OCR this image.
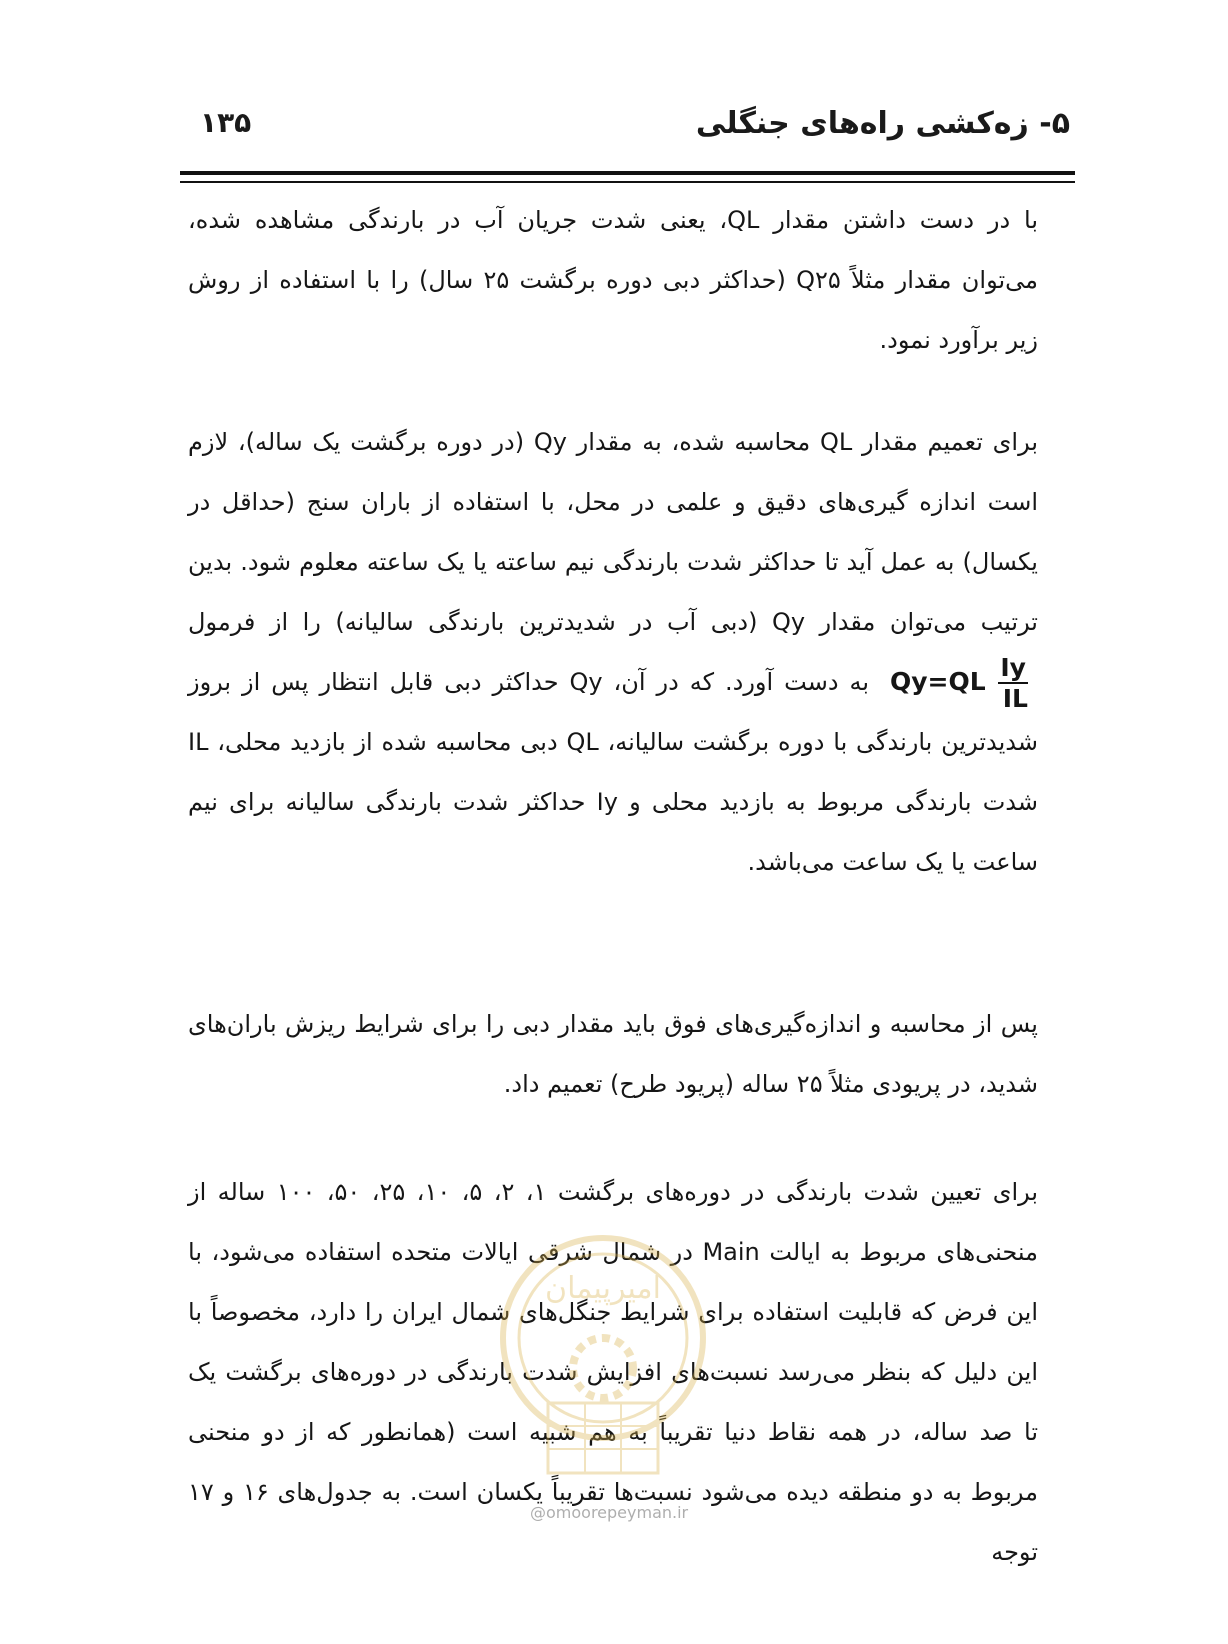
۵- زه‌کشی راه‌های جنگلی
۱۳۵

با در دست داشتن مقدار QL، یعنی شدت جریان آب در بارندگی مشاهده شده، می‌توان مقدار مثلاً Q۲۵ (حداکثر دبی دوره برگشت ۲۵ سال) را با استفاده از روش زیر برآورد نمود.

برای تعمیم مقدار QL محاسبه شده، به مقدار Qy (در دوره برگشت یک ساله)، لازم است اندازه گیری‌های دقیق و علمی در محل، با استفاده از باران سنج (حداقل در یکسال) به عمل آید تا حداکثر شدت بارندگی نیم ساعته یا یک ساعته معلوم شود. بدین ترتیب می‌توان مقدار Qy (دبی آب در شدیدترین بارندگی سالیانه) را از فرمول $Qy=QL \frac{Iy}{IL}$
به دست آورد. که در آن، Qy حداکثر دبی قابل انتظار پس از بروز شدیدترین بارندگی با دوره برگشت سالیانه، QL دبی محاسبه شده از بازدید محلی، IL شدت بارندگی مربوط به بازدید محلی و Iy حداکثر شدت بارندگی سالیانه برای نیم ساعت یا یک ساعت می‌باشد.

پس از محاسبه و اندازه‌گیری‌های فوق باید مقدار دبی را برای شرایط ریزش باران‌های شدید، در پریودی مثلاً ۲۵ ساله (پریود طرح) تعمیم داد.

برای تعیین شدت بارندگی در دوره‌های برگشت ۱، ۲، ۵، ۱۰، ۲۵، ۵۰، ۱۰۰ ساله از منحنی‌های مربوط به ایالت Main در شمال شرقی ایالات متحده استفاده می‌شود، با این فرض که قابلیت استفاده برای شرایط جنگل‌های شمال ایران را دارد، مخصوصاً با این دلیل که بنظر می‌رسد نسبت‌های افزایش شدت بارندگی در دوره‌های برگشت یک تا صد ساله، در همه نقاط دنیا تقریباً به هم شبیه است (همانطور که از دو منحنی مربوط به دو منطقه دیده می‌شود نسبت‌ها تقریباً یکسان است. به جدول‌های ۱۶ و ۱۷ توجه

امیرپیمان
@omoorepeyman.ir
